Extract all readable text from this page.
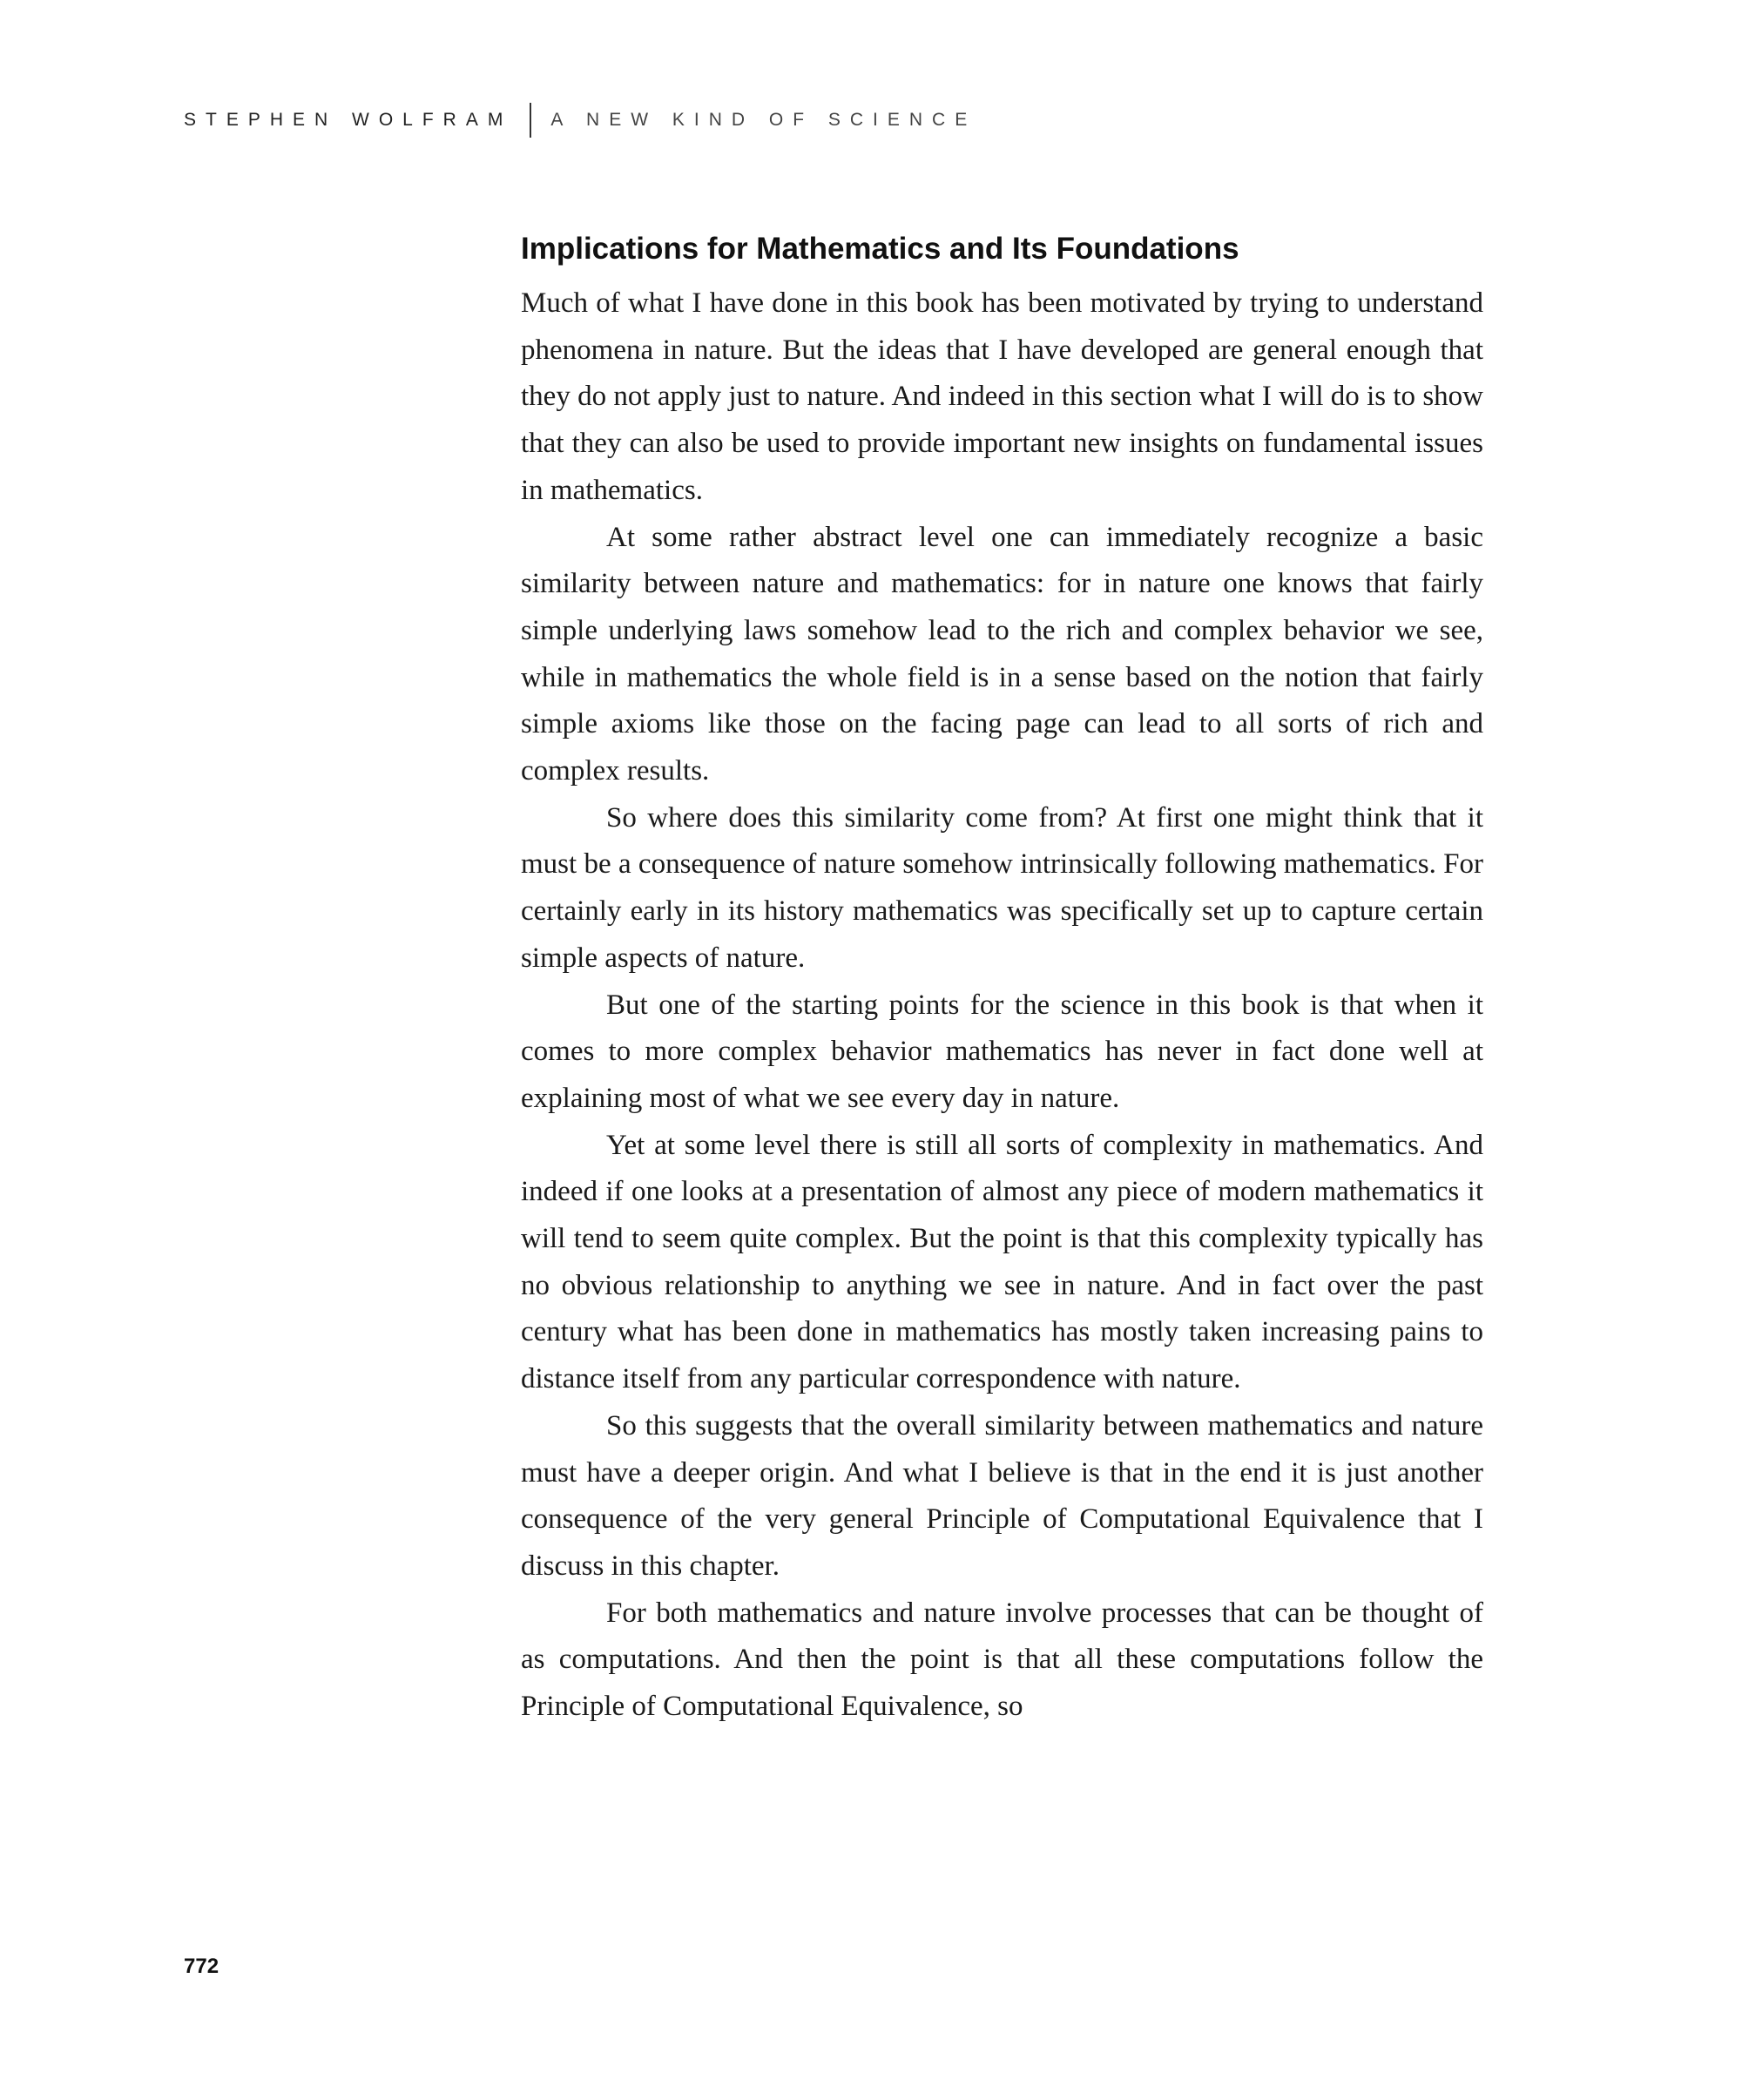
STEPHEN WOLFRAM A NEW KIND OF SCIENCE
Implications for Mathematics and Its Foundations

Much of what I have done in this book has been motivated by trying to understand phenomena in nature. But the ideas that I have developed are general enough that they do not apply just to nature. And indeed in this section what I will do is to show that they can also be used to provide important new insights on fundamental issues in mathematics.

At some rather abstract level one can immediately recognize a basic similarity between nature and mathematics: for in nature one knows that fairly simple underlying laws somehow lead to the rich and complex behavior we see, while in mathematics the whole field is in a sense based on the notion that fairly simple axioms like those on the facing page can lead to all sorts of rich and complex results.

So where does this similarity come from? At first one might think that it must be a consequence of nature somehow intrinsically following mathematics. For certainly early in its history mathematics was specifically set up to capture certain simple aspects of nature.

But one of the starting points for the science in this book is that when it comes to more complex behavior mathematics has never in fact done well at explaining most of what we see every day in nature.

Yet at some level there is still all sorts of complexity in mathematics. And indeed if one looks at a presentation of almost any piece of modern mathematics it will tend to seem quite complex. But the point is that this complexity typically has no obvious relationship to anything we see in nature. And in fact over the past century what has been done in mathematics has mostly taken increasing pains to distance itself from any particular correspondence with nature.

So this suggests that the overall similarity between mathematics and nature must have a deeper origin. And what I believe is that in the end it is just another consequence of the very general Principle of Computational Equivalence that I discuss in this chapter.

For both mathematics and nature involve processes that can be thought of as computations. And then the point is that all these computations follow the Principle of Computational Equivalence, so

772
